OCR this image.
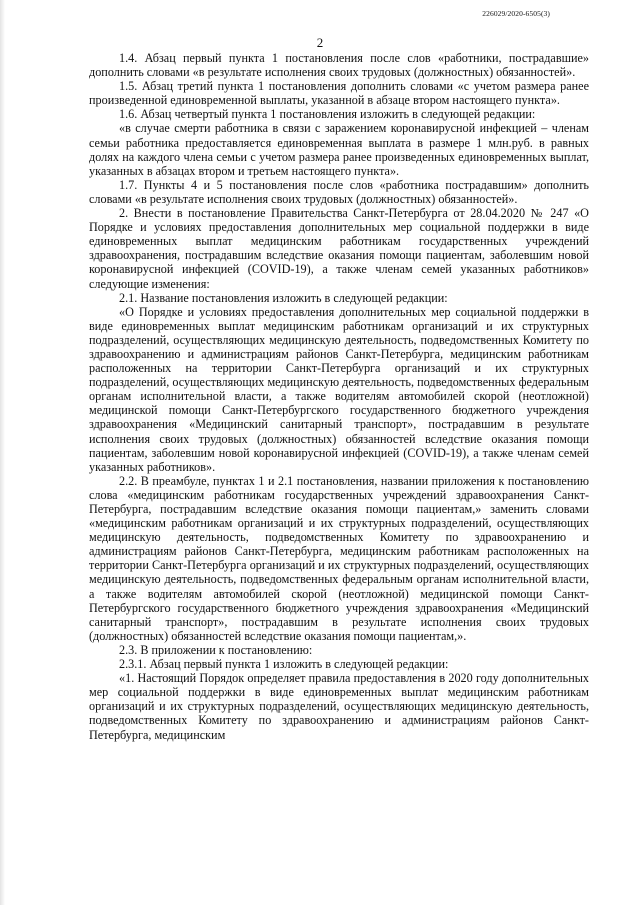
226029/2020-6505(3)
2

1.4. Абзац первый пункта 1 постановления после слов «работники, пострадавшие» дополнить словами «в результате исполнения своих трудовых (должностных) обязанностей».

1.5. Абзац третий пункта 1 постановления дополнить словами «с учетом размера ранее произведенной единовременной выплаты, указанной в абзаце втором настоящего пункта».

1.6. Абзац четвертый пункта 1 постановления изложить в следующей редакции:

«в случае смерти работника в связи с заражением коронавирусной инфекцией – членам семьи работника предоставляется единовременная выплата в размере 1 млн.руб. в равных долях на каждого члена семьи с учетом размера ранее произведенных единовременных выплат, указанных в абзацах втором и третьем настоящего пункта».

1.7. Пункты 4 и 5 постановления после слов «работника пострадавшим» дополнить словами «в результате исполнения своих трудовых (должностных) обязанностей».

2. Внести в постановление Правительства Санкт-Петербурга от 28.04.2020 № 247 «О Порядке и условиях предоставления дополнительных мер социальной поддержки в виде единовременных выплат медицинским работникам государственных учреждений здравоохранения, пострадавшим вследствие оказания помощи пациентам, заболевшим новой коронавирусной инфекцией (COVID-19), а также членам семей указанных работников» следующие изменения:

2.1. Название постановления изложить в следующей редакции:

«О Порядке и условиях предоставления дополнительных мер социальной поддержки в виде единовременных выплат медицинским работникам организаций и их структурных подразделений, осуществляющих медицинскую деятельность, подведомственных Комитету по здравоохранению и администрациям районов Санкт-Петербурга, медицинским работникам расположенных на территории Санкт-Петербурга организаций и их структурных подразделений, осуществляющих медицинскую деятельность, подведомственных федеральным органам исполнительной власти, а также водителям автомобилей скорой (неотложной) медицинской помощи Санкт-Петербургского государственного бюджетного учреждения здравоохранения «Медицинский санитарный транспорт», пострадавшим в результате исполнения своих трудовых (должностных) обязанностей вследствие оказания помощи пациентам, заболевшим новой коронавирусной инфекцией (COVID-19), а также членам семей указанных работников».

2.2. В преамбуле, пунктах 1 и 2.1 постановления, названии приложения к постановлению слова «медицинским работникам государственных учреждений здравоохранения Санкт-Петербурга, пострадавшим вследствие оказания помощи пациентам,» заменить словами «медицинским работникам организаций и их структурных подразделений, осуществляющих медицинскую деятельность, подведомственных Комитету по здравоохранению и администрациям районов Санкт-Петербурга, медицинским работникам расположенных на территории Санкт-Петербурга организаций и их структурных подразделений, осуществляющих медицинскую деятельность, подведомственных федеральным органам исполнительной власти, а также водителям автомобилей скорой (неотложной) медицинской помощи Санкт-Петербургского государственного бюджетного учреждения здравоохранения «Медицинский санитарный транспорт», пострадавшим в результате исполнения своих трудовых (должностных) обязанностей вследствие оказания помощи пациентам,».

2.3. В приложении к постановлению:

2.3.1. Абзац первый пункта 1 изложить в следующей редакции:

«1. Настоящий Порядок определяет правила предоставления в 2020 году дополнительных мер социальной поддержки в виде единовременных выплат медицинским работникам организаций и их структурных подразделений, осуществляющих медицинскую деятельность, подведомственных Комитету по здравоохранению и администрациям районов Санкт-Петербурга, медицинским
